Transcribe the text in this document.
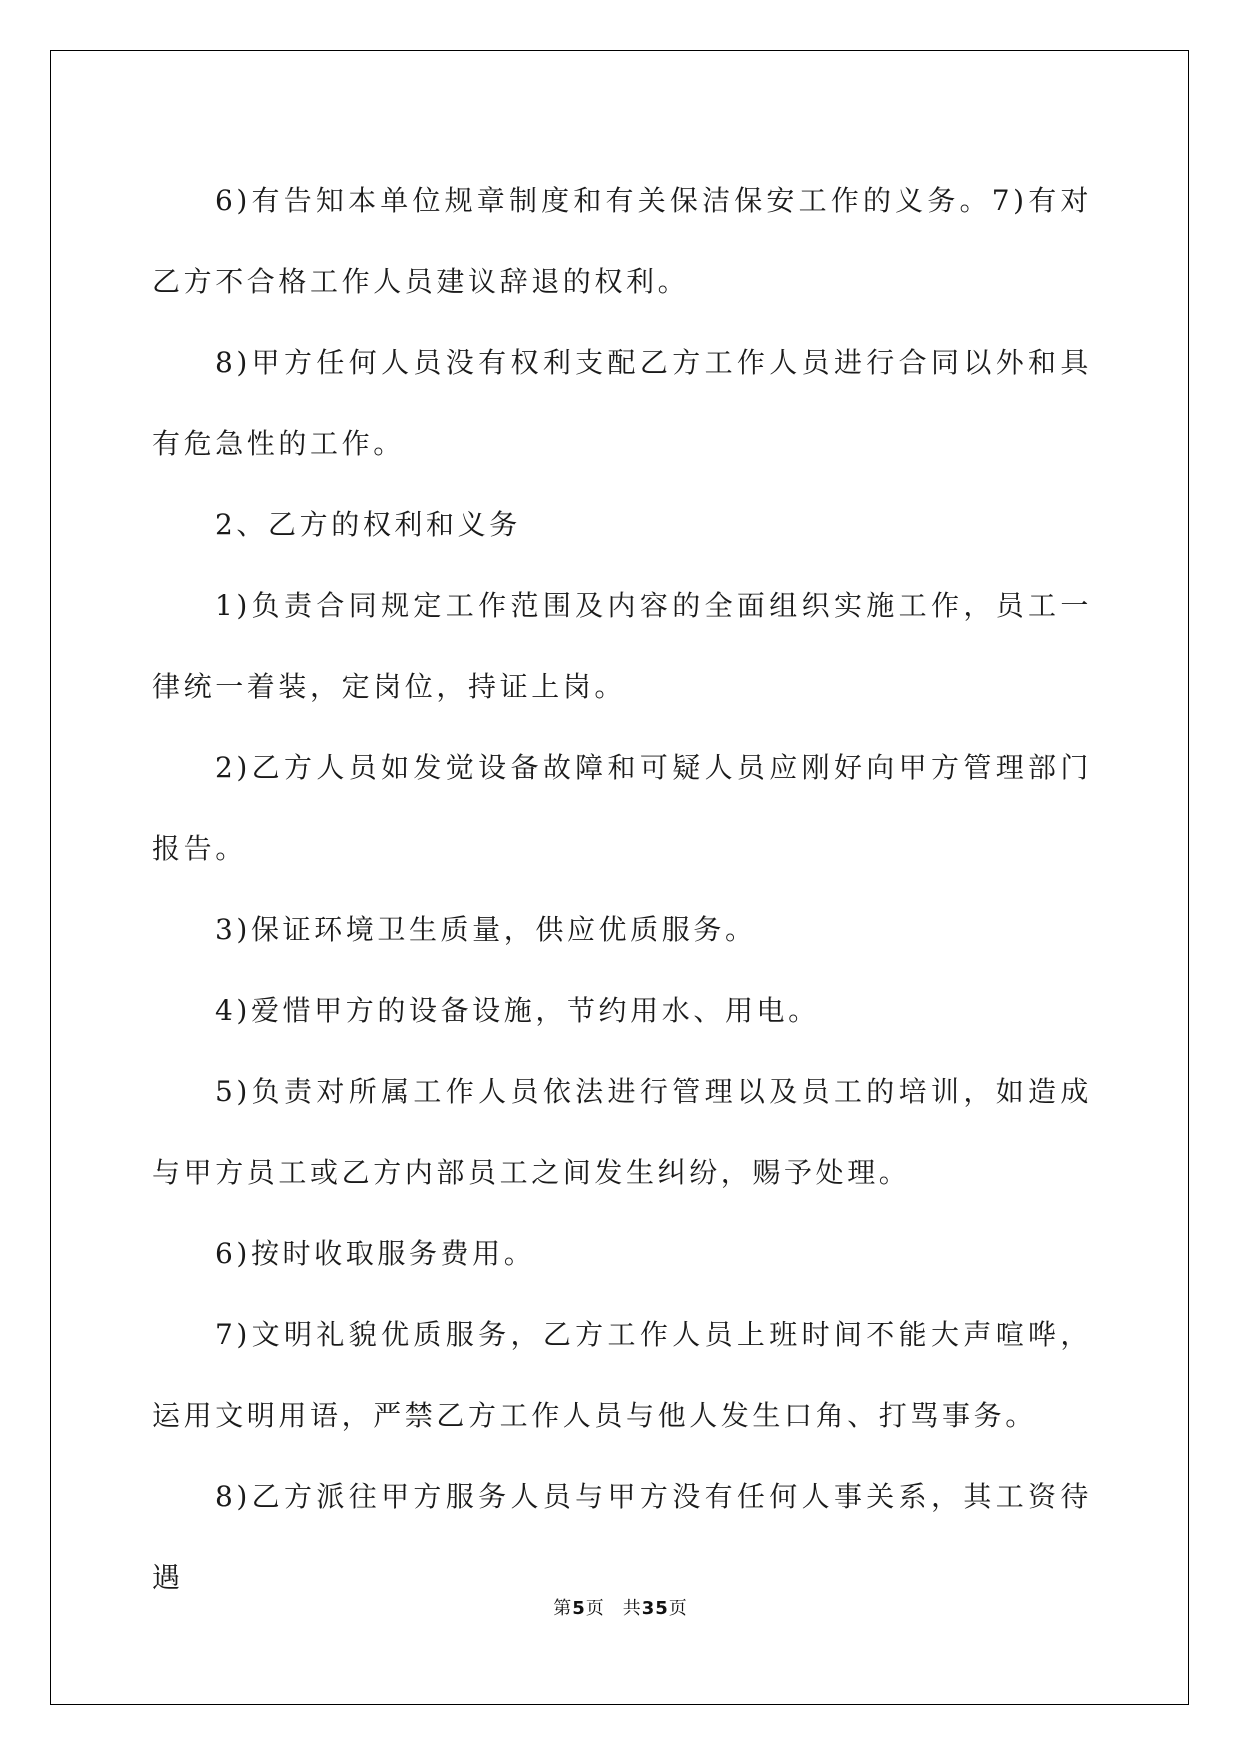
6)有告知本单位规章制度和有关保洁保安工作的义务。7)有对乙方不合格工作人员建议辞退的权利。

8)甲方任何人员没有权利支配乙方工作人员进行合同以外和具有危急性的工作。

2、乙方的权利和义务

1)负责合同规定工作范围及内容的全面组织实施工作，员工一律统一着装，定岗位，持证上岗。

2)乙方人员如发觉设备故障和可疑人员应刚好向甲方管理部门报告。

3)保证环境卫生质量，供应优质服务。

4)爱惜甲方的设备设施，节约用水、用电。

5)负责对所属工作人员依法进行管理以及员工的培训，如造成与甲方员工或乙方内部员工之间发生纠纷，赐予处理。

6)按时收取服务费用。

7)文明礼貌优质服务，乙方工作人员上班时间不能大声喧哗，运用文明用语，严禁乙方工作人员与他人发生口角、打骂事务。

8)乙方派往甲方服务人员与甲方没有任何人事关系，其工资待遇

第5页 共35页
